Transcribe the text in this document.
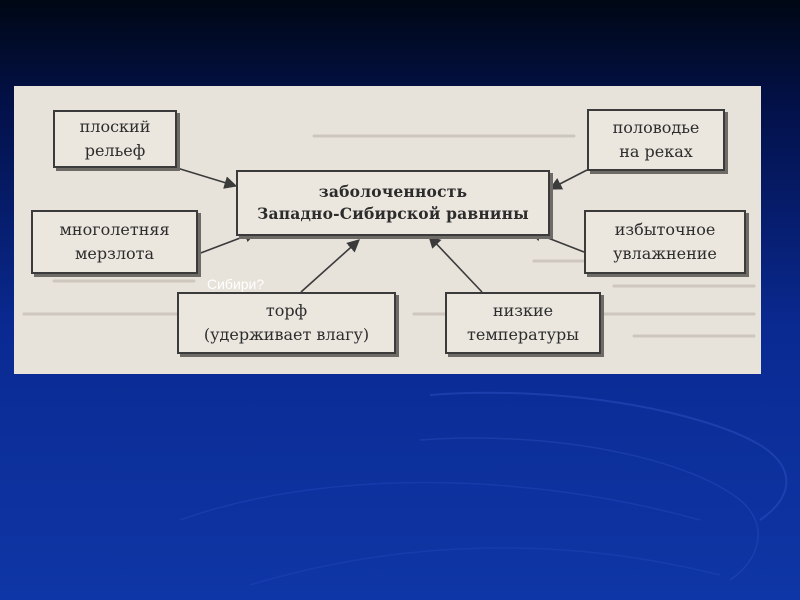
плоский
рельеф
многолетняя
мерзлота
заболоченность
Западно-Сибирской равнины
торф
(удерживает влагу)
низкие
температуры
избыточное
увлажнение
половодье
на реках
Сибири?
